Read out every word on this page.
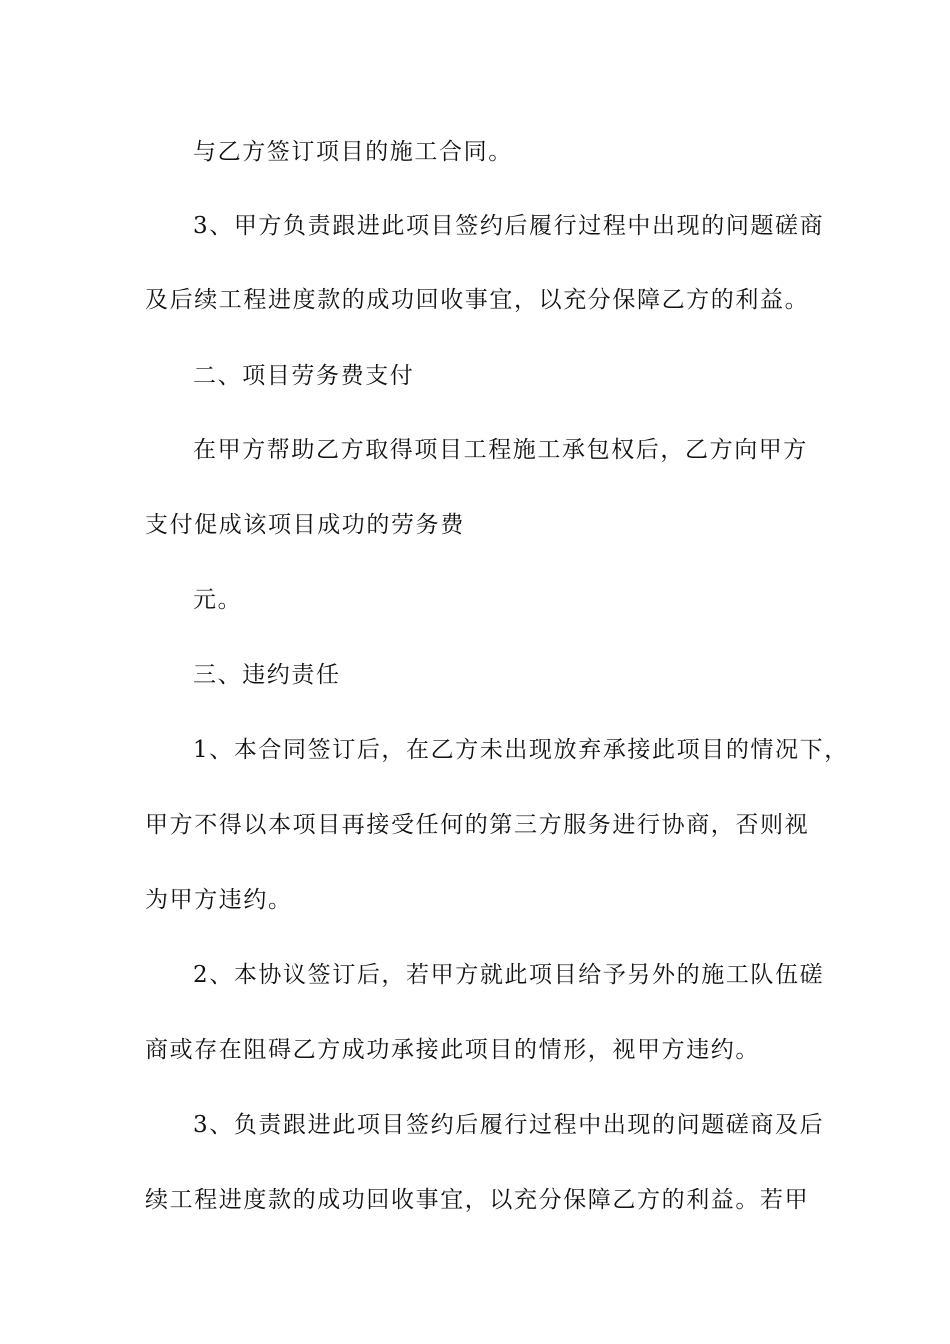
与乙方签订项目的施工合同。
3、甲方负责跟进此项目签约后履行过程中出现的问题磋商
及后续工程进度款的成功回收事宜，以充分保障乙方的利益。
二、项目劳务费支付
在甲方帮助乙方取得项目工程施工承包权后，乙方向甲方
支付促成该项目成功的劳务费
元。
三、违约责任
1、本合同签订后，在乙方未出现放弃承接此项目的情况下，
甲方不得以本项目再接受任何的第三方服务进行协商，否则视
为甲方违约。
2、本协议签订后，若甲方就此项目给予另外的施工队伍磋
商或存在阻碍乙方成功承接此项目的情形，视甲方违约。
3、负责跟进此项目签约后履行过程中出现的问题磋商及后
续工程进度款的成功回收事宜，以充分保障乙方的利益。若甲
